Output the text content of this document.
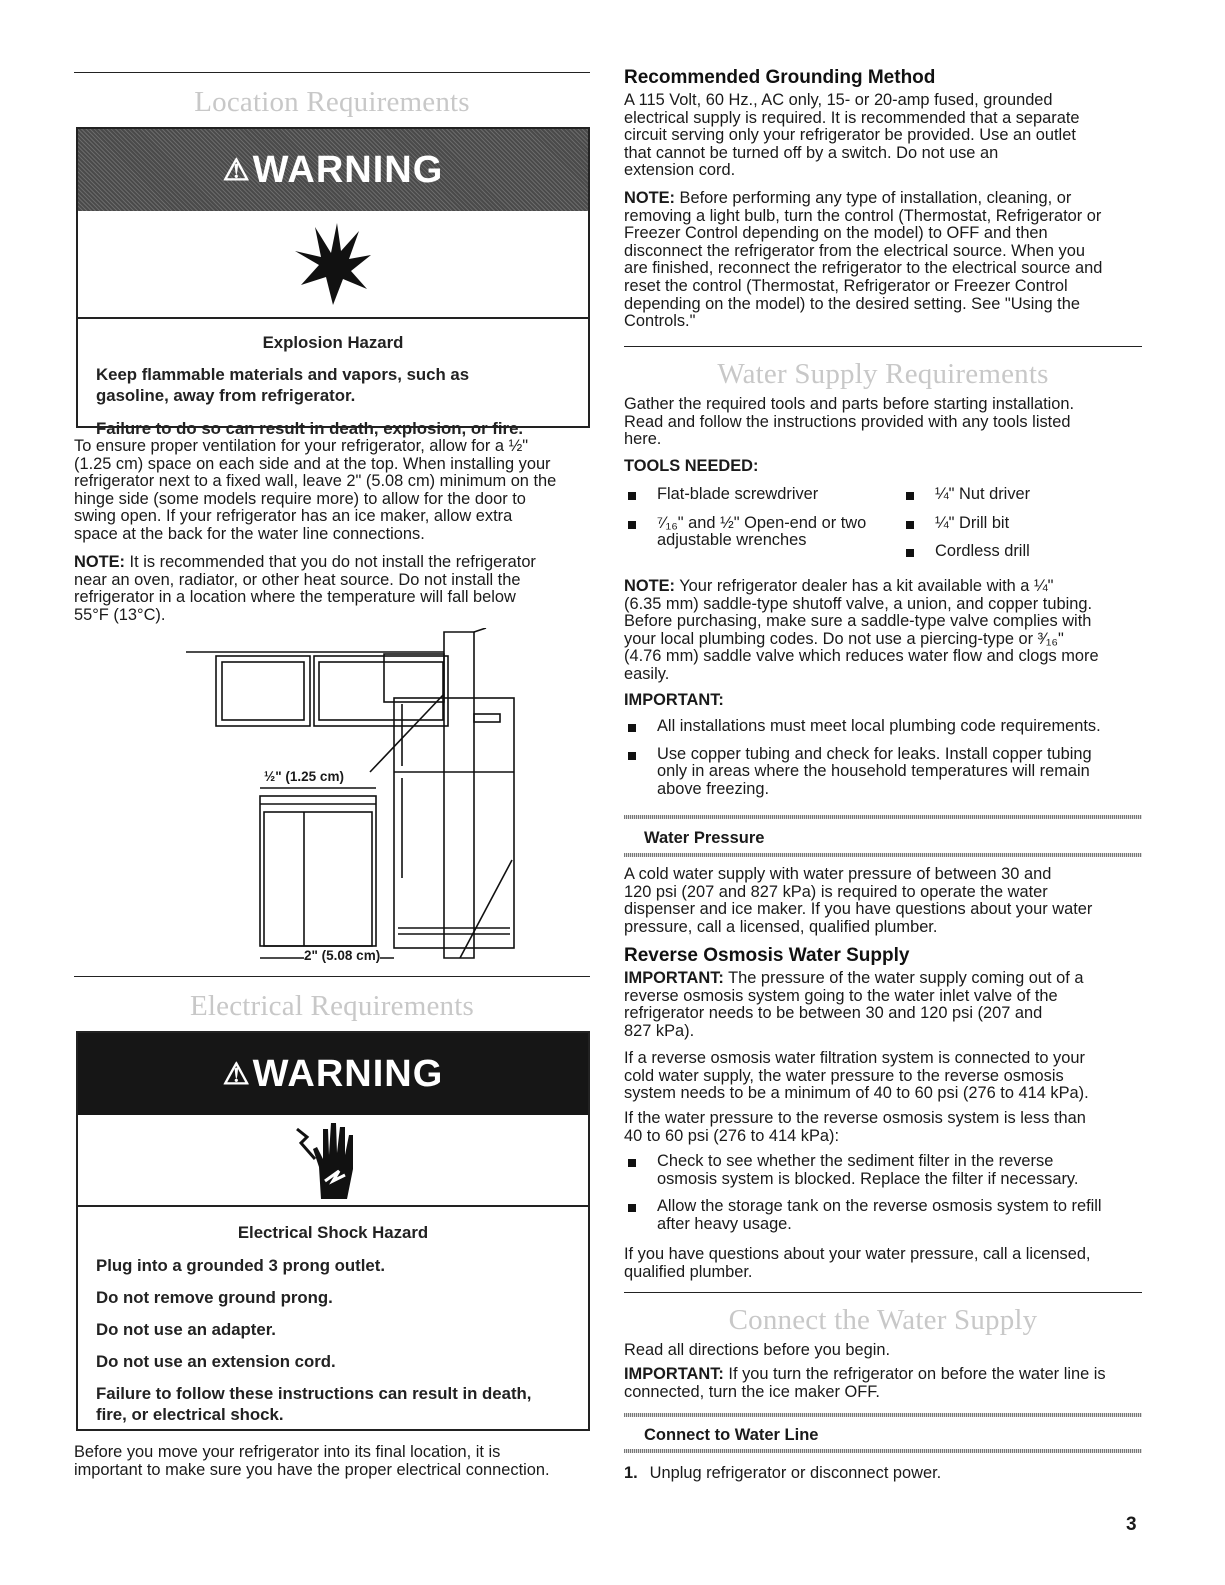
Location Requirements
⚠ WARNING
Explosion Hazard

Keep flammable materials and vapors, such as

gasoline, away from refrigerator.

Failure to do so can result in death, explosion, or fire.

To ensure proper ventilation for your refrigerator, allow for a ½"
(1.25 cm) space on each side and at the top. When installing your
refrigerator next to a fixed wall, leave 2" (5.08 cm) minimum on the
hinge side (some models require more) to allow for the door to
swing open. If your refrigerator has an ice maker, allow extra
space at the back for the water line connections.
NOTE: It is recommended that you do not install the refrigerator
near an oven, radiator, or other heat source. Do not install the
refrigerator in a location where the temperature will fall below
55°F (13°C).
½" (1.25 cm)
2" (5.08 cm)
Electrical Requirements
⚠ WARNING
Electrical Shock Hazard

Plug into a grounded 3 prong outlet.

Do not remove ground prong.

Do not use an adapter.

Do not use an extension cord.

Failure to follow these instructions can result in death,

fire, or electrical shock.

Before you move your refrigerator into its final location, it is
important to make sure you have the proper electrical connection.
Recommended Grounding Method
A 115 Volt, 60 Hz., AC only, 15- or 20-amp fused, grounded
electrical supply is required. It is recommended that a separate
circuit serving only your refrigerator be provided. Use an outlet
that cannot be turned off by a switch. Do not use an
extension cord.
NOTE: Before performing any type of installation, cleaning, or
removing a light bulb, turn the control (Thermostat, Refrigerator or
Freezer Control depending on the model) to OFF and then
disconnect the refrigerator from the electrical source. When you
are finished, reconnect the refrigerator to the electrical source and
reset the control (Thermostat, Refrigerator or Freezer Control
depending on the model) to the desired setting. See "Using the
Controls."
Water Supply Requirements
Gather the required tools and parts before starting installation.
Read and follow the instructions provided with any tools listed
here.
TOOLS NEEDED:
Flat-blade screwdriver
⁷⁄₁₆" and ½" Open-end or two
adjustable wrenches
¼" Nut driver
¼" Drill bit
Cordless drill
NOTE: Your refrigerator dealer has a kit available with a ¼"
(6.35 mm) saddle-type shutoff valve, a union, and copper tubing.
Before purchasing, make sure a saddle-type valve complies with
your local plumbing codes. Do not use a piercing-type or ³⁄₁₆"
(4.76 mm) saddle valve which reduces water flow and clogs more
easily.
IMPORTANT:
All installations must meet local plumbing code requirements.
Use copper tubing and check for leaks. Install copper tubing
only in areas where the household temperatures will remain
above freezing.
Water Pressure
A cold water supply with water pressure of between 30 and
120 psi (207 and 827 kPa) is required to operate the water
dispenser and ice maker. If you have questions about your water
pressure, call a licensed, qualified plumber.
Reverse Osmosis Water Supply
IMPORTANT: The pressure of the water supply coming out of a
reverse osmosis system going to the water inlet valve of the
refrigerator needs to be between 30 and 120 psi (207 and
827 kPa).
If a reverse osmosis water filtration system is connected to your
cold water supply, the water pressure to the reverse osmosis
system needs to be a minimum of 40 to 60 psi (276 to 414 kPa).
If the water pressure to the reverse osmosis system is less than
40 to 60 psi (276 to 414 kPa):
Check to see whether the sediment filter in the reverse
osmosis system is blocked. Replace the filter if necessary.
Allow the storage tank on the reverse osmosis system to refill
after heavy usage.
If you have questions about your water pressure, call a licensed,
qualified plumber.
Connect the Water Supply
Read all directions before you begin.
IMPORTANT: If you turn the refrigerator on before the water line is
connected, turn the ice maker OFF.
Connect to Water Line
1. Unplug refrigerator or disconnect power.
3
